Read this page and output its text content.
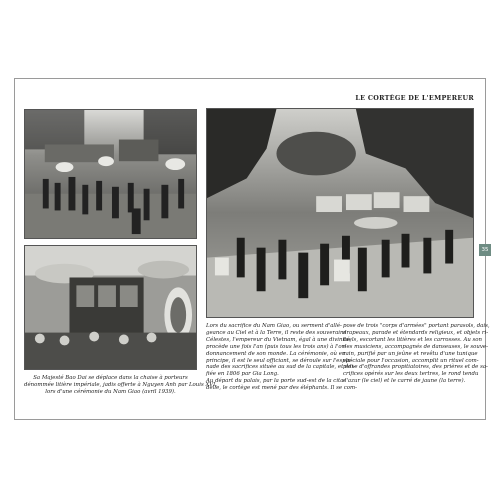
LE CORTÈGE DE L'EMPEREUR
35
Sa Majesté Bao Dai se déplace dans la chaise à porteurs
dénommée litière impériale, jadis offerte à Nguyen Anh par Louis XVI,
lors d'une cérémonie du Nam Giao (avril 1939).
Lors du sacrifice du Nam Giao, ou serment d'allé-
geance au Ciel et à la Terre, il reste des souverains
Célestes, l'empereur du Vietnam, égal à une divinité,
procède une fois l'an (puis tous les trois ans) à l'or-
donnancement de son monde. La cérémonie, où en
principe, il est le seul officiant, se déroule sur l'espla-
nade des sacrifices située au sud de la capitale, et édi-
fiée en 1806 par Gia Long.
Au départ du palais, par la porte sud-est de la cita-
delle, le cortège est mené par des éléphants. Il se com-
pose de trois "corps d'armées" portant parasols, dais,
drapeaux, parade et étendards religieux, et objets ri-
tuels, escortant les litières et les carrosses. Au son
des musiciens, accompagnés de danseuses, le souve-
rain, purifié par un jeûne et revêtu d'une tunique
spéciale pour l'occasion, accomplit un rituel com-
plexe d'offrandes propitiatoires, des prières et de sa-
crifices opérés sur les deux tertres, le rond tendu
d'azur (le ciel) et le carré de jaune (la terre).
